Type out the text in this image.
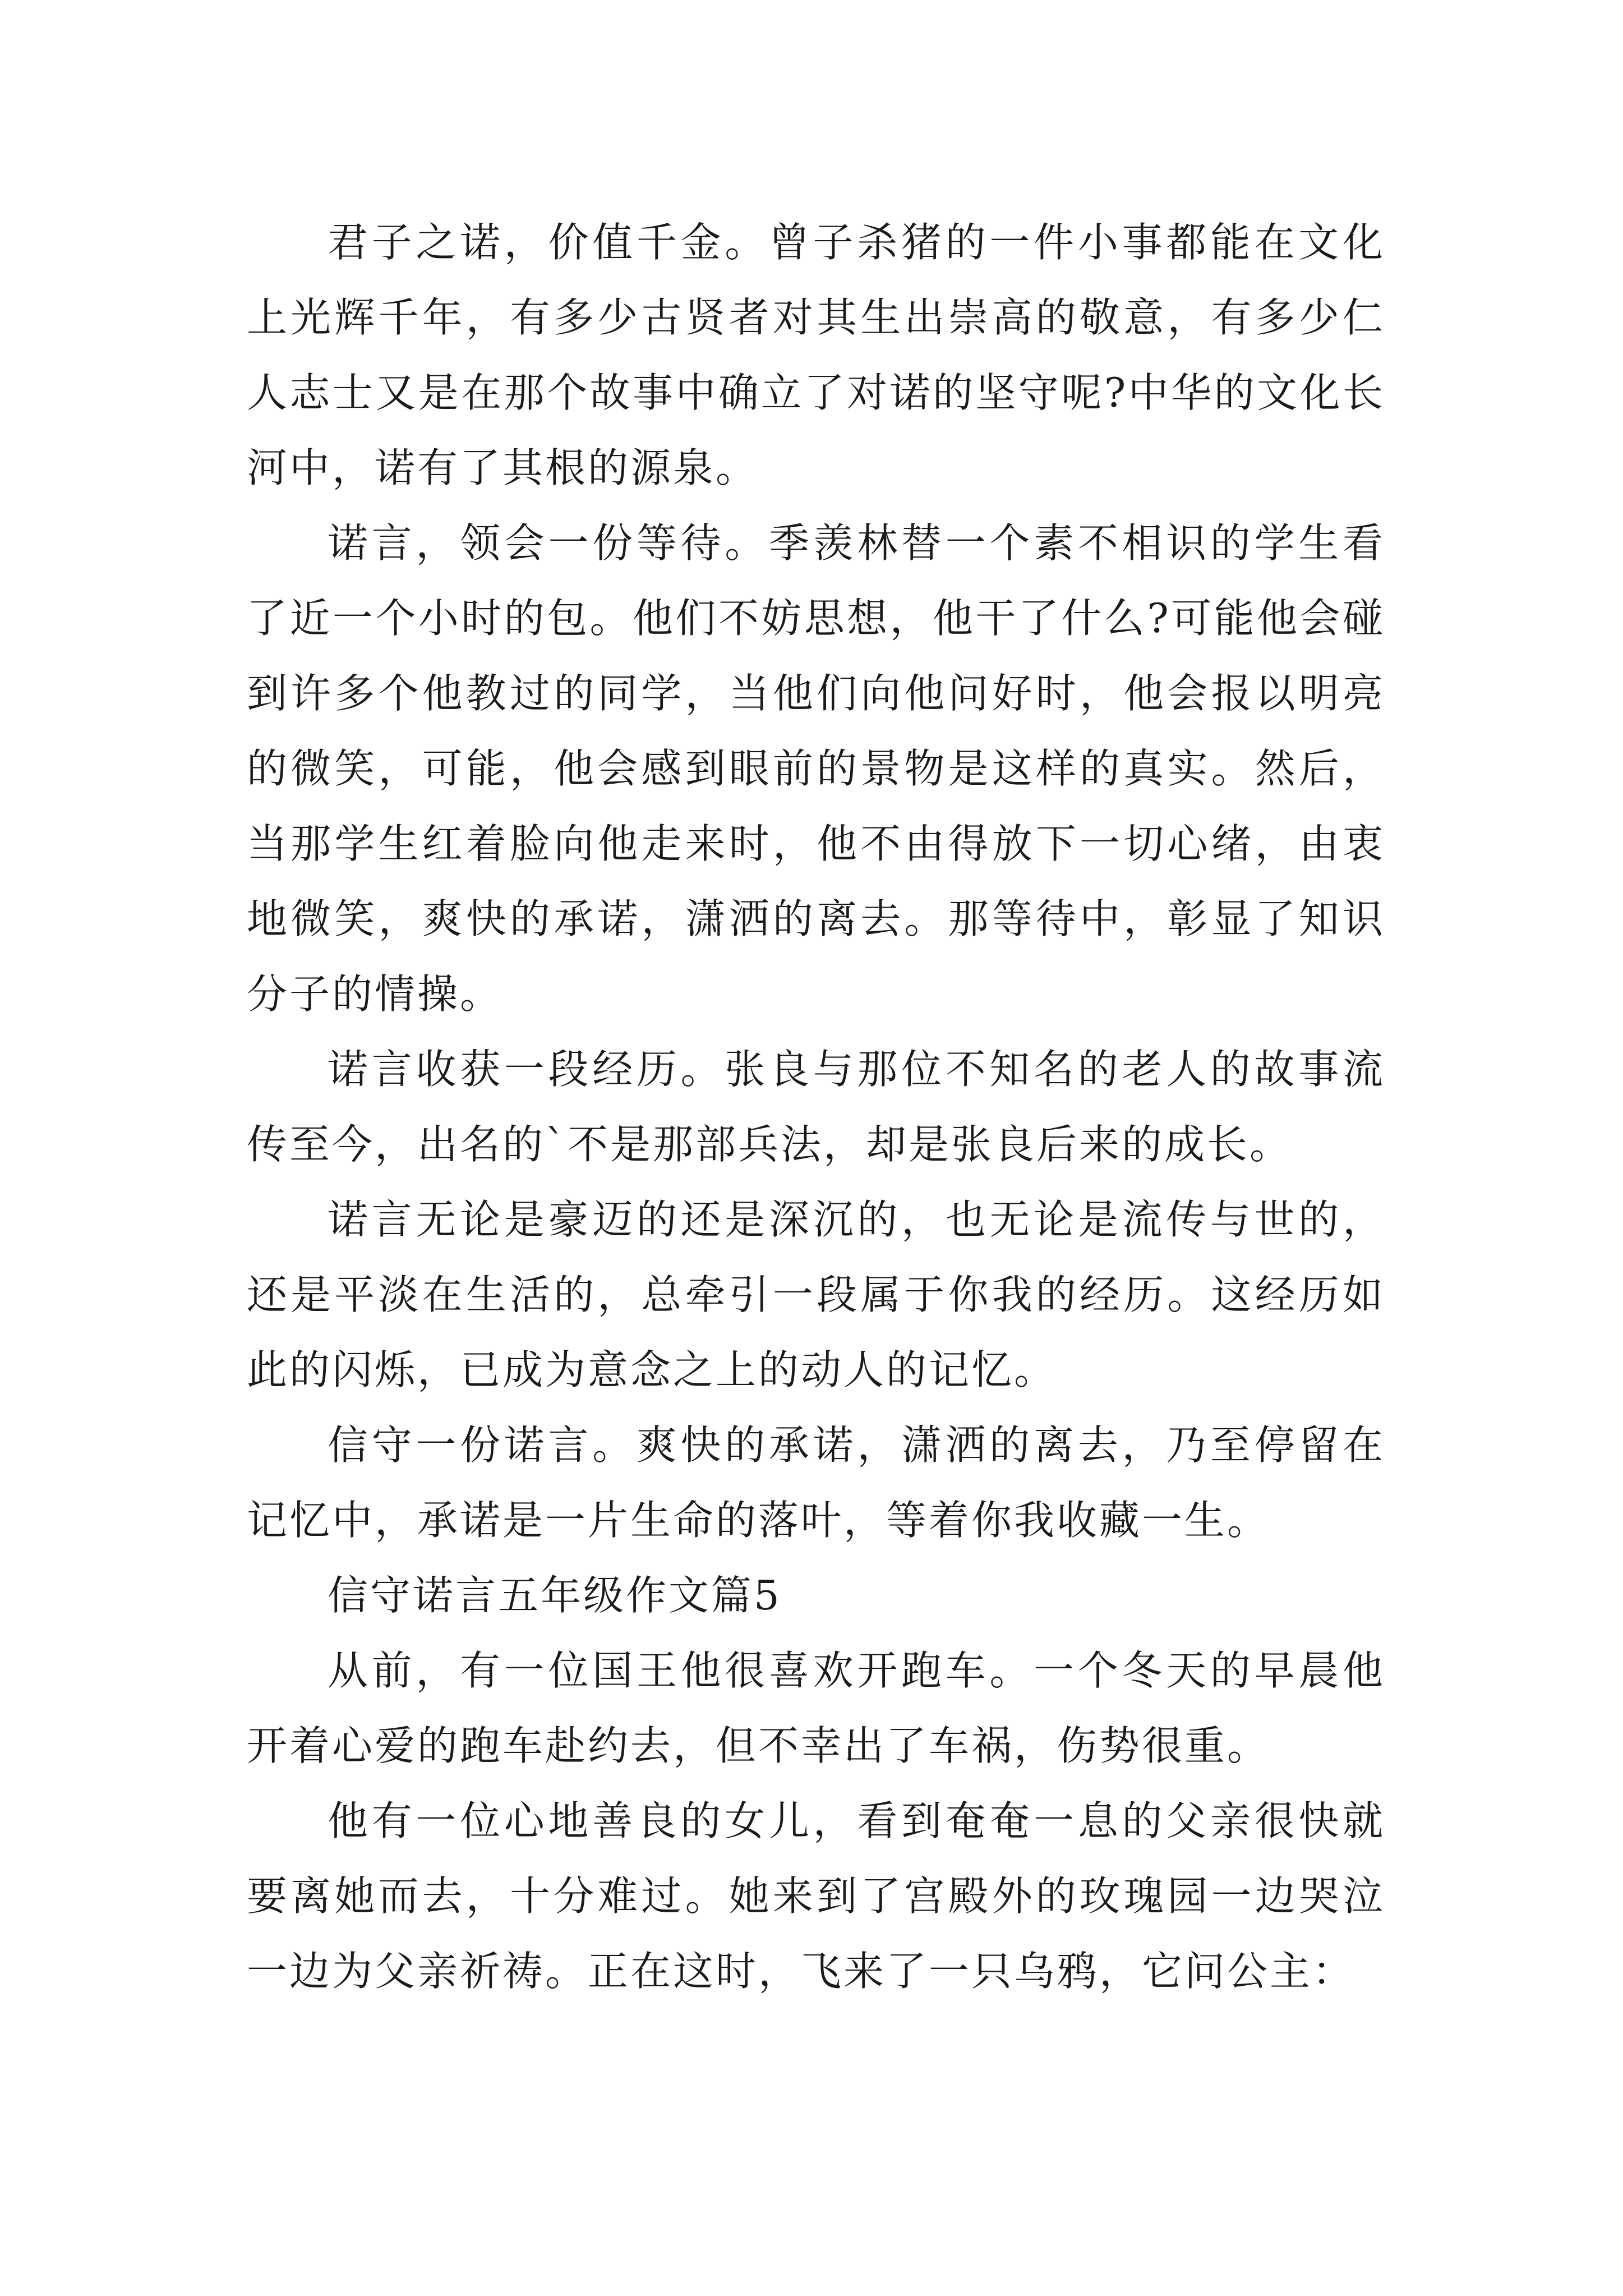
君子之诺，价值千金。曾子杀猪的一件小事都能在文化上光辉千年，有多少古贤者对其生出崇高的敬意，有多少仁人志士又是在那个故事中确立了对诺的坚守呢?中华的文化长河中，诺有了其根的源泉。

诺言，领会一份等待。季羡林替一个素不相识的学生看了近一个小时的包。他们不妨思想，他干了什么?可能他会碰到许多个他教过的同学，当他们向他问好时，他会报以明亮的微笑，可能，他会感到眼前的景物是这样的真实。然后，当那学生红着脸向他走来时，他不由得放下一切心绪，由衷地微笑，爽快的承诺，潇洒的离去。那等待中，彰显了知识分子的情操。

诺言收获一段经历。张良与那位不知名的老人的故事流传至今，出名的`不是那部兵法，却是张良后来的成长。

诺言无论是豪迈的还是深沉的，也无论是流传与世的，还是平淡在生活的，总牵引一段属于你我的经历。这经历如此的闪烁，已成为意念之上的动人的记忆。

信守一份诺言。爽快的承诺，潇洒的离去，乃至停留在记忆中，承诺是一片生命的落叶，等着你我收藏一生。

信守诺言五年级作文篇5

从前，有一位国王他很喜欢开跑车。一个冬天的早晨他开着心爱的跑车赴约去，但不幸出了车祸，伤势很重。

他有一位心地善良的女儿，看到奄奄一息的父亲很快就要离她而去，十分难过。她来到了宫殿外的玫瑰园一边哭泣一边为父亲祈祷。正在这时，飞来了一只乌鸦，它问公主：
